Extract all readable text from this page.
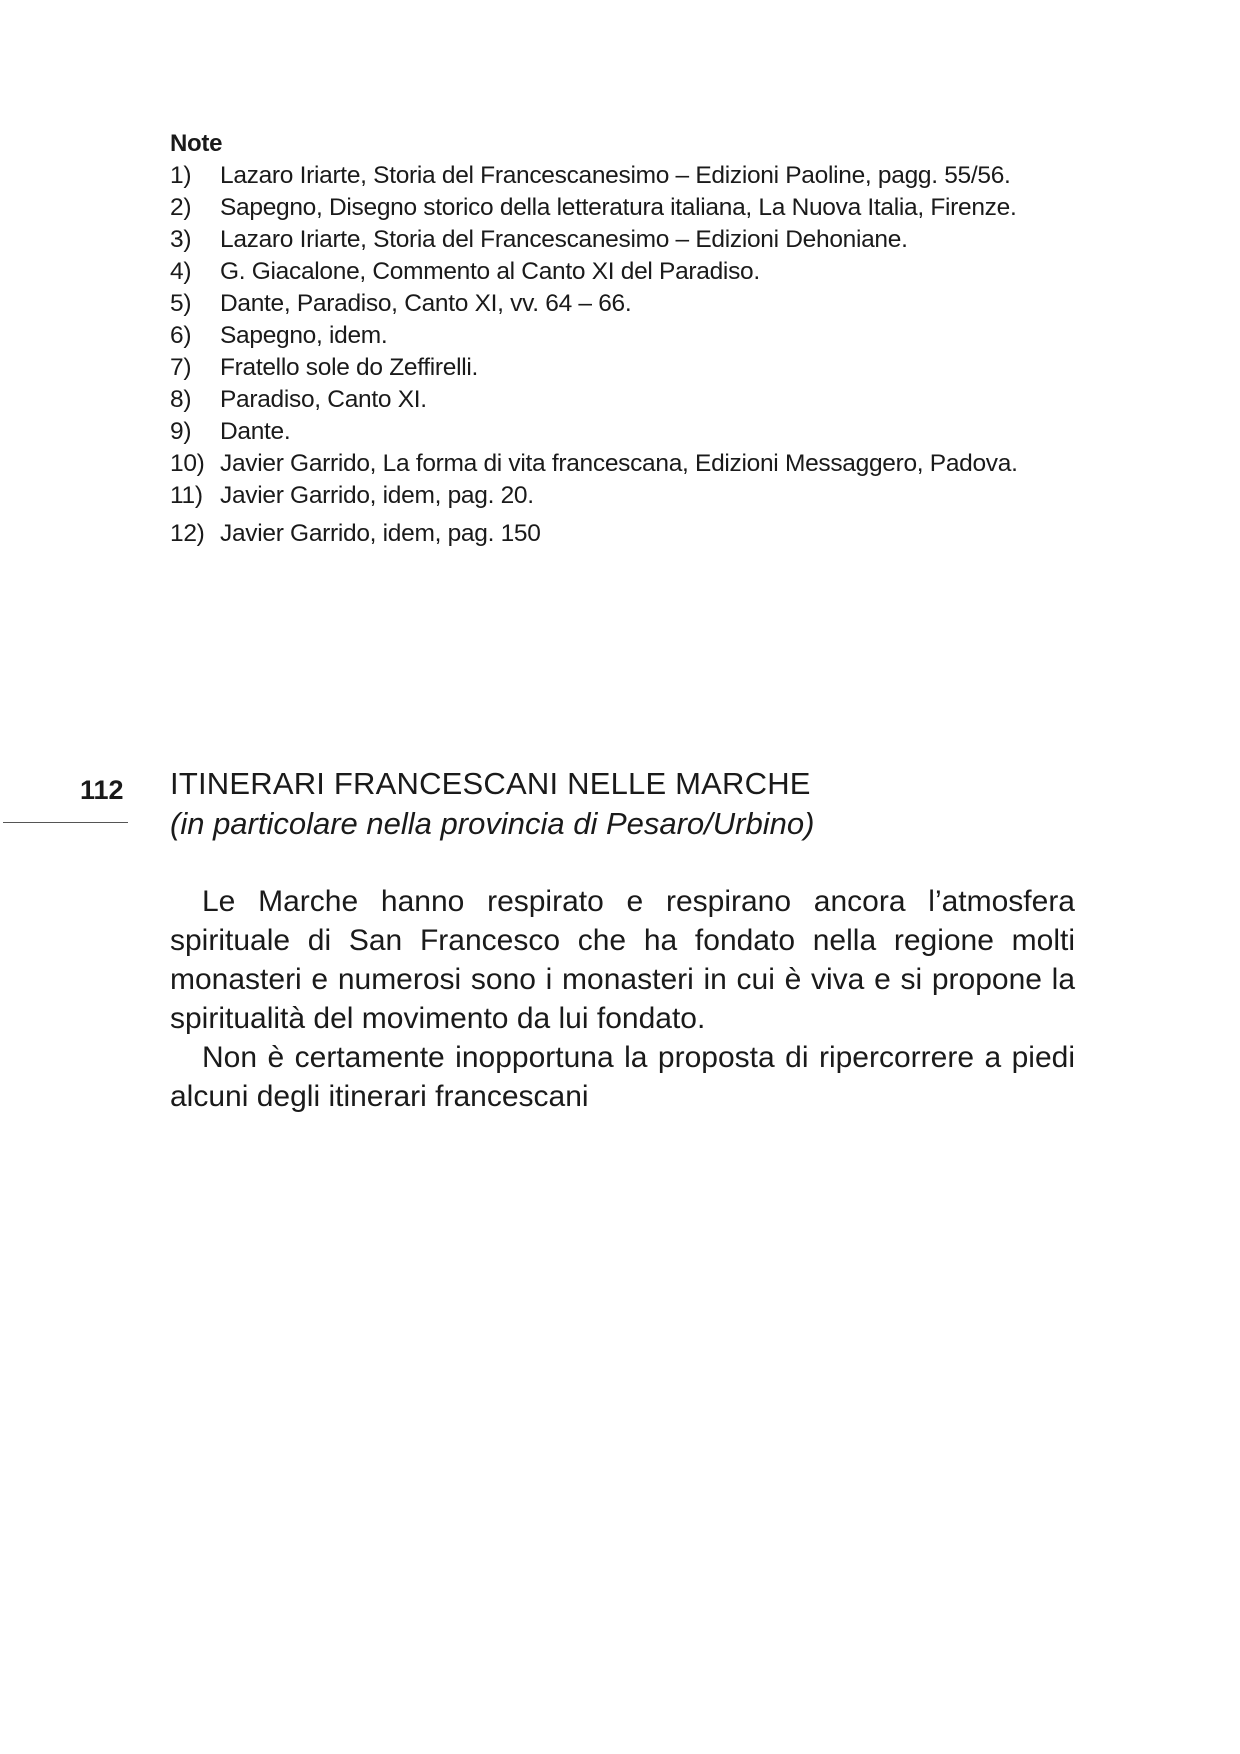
Note
1)	Lazaro Iriarte, Storia del Francescanesimo – Edizioni Paoline, pagg. 55/56.
2)	Sapegno, Disegno storico della letteratura italiana, La Nuova Italia, Firenze.
3)	Lazaro Iriarte, Storia del Francescanesimo – Edizioni Dehoniane.
4)	G. Giacalone, Commento al Canto XI del Paradiso.
5)	Dante, Paradiso, Canto XI, vv. 64 – 66.
6)	Sapegno, idem.
7)	Fratello sole do Zeffirelli.
8)	Paradiso, Canto XI.
9)	Dante.
10) Javier Garrido, La forma di vita francescana, Edizioni Messaggero, Padova.
11) Javier Garrido, idem, pag. 20.
12) Javier Garrido, idem, pag. 150
112 ITINERARI FRANCESCANI NELLE MARCHE
(in particolare nella provincia di Pesaro/Urbino)

Le Marche hanno respirato e respirano ancora l’atmosfera spirituale di San Francesco che ha fondato nella regione molti monasteri e numerosi sono i monasteri in cui è viva e si propone la spiritualità del movimento da lui fondato.

Non è certamente inopportuna la proposta di ripercorrere a piedi alcuni degli itinerari francescani
